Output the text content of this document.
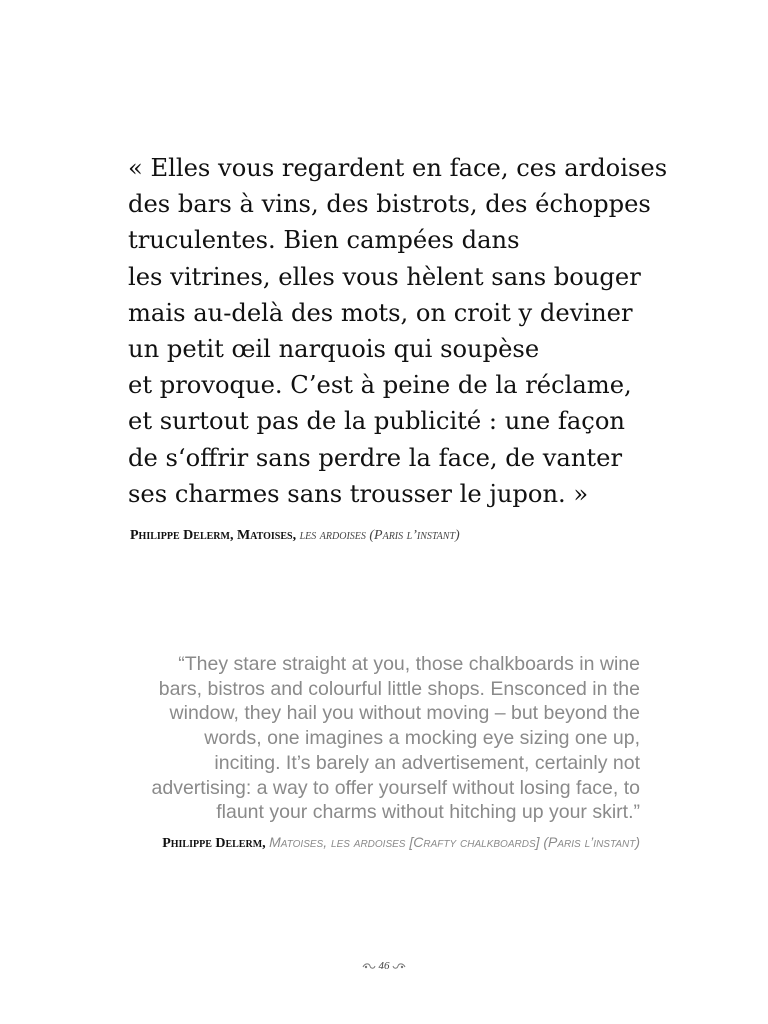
« Elles vous regardent en face, ces ardoises
des bars à vins, des bistrots, des échoppes
truculentes. Bien campées dans
les vitrines, elles vous hèlent sans bouger
mais au-delà des mots, on croit y deviner
un petit œil narquois qui soupèse
et provoque. C’est à peine de la réclame,
et surtout pas de la publicité : une façon
de s‘offrir sans perdre la face, de vanter
ses charmes sans trousser le jupon. »
Philippe Delerm, Matoises, les ardoises (Paris l’instant)
“They stare straight at you, those chalkboards in wine
bars, bistros and colourful little shops. Ensconced in the
window, they hail you without moving – but beyond the
words, one imagines a mocking eye sizing one up,
inciting. It’s barely an advertisement, certainly not
advertising: a way to offer yourself without losing face, to
flaunt your charms without hitching up your skirt.”
Philippe Delerm, Matoises, les ardoises [Crafty chalkboards] (Paris l’instant)
46
